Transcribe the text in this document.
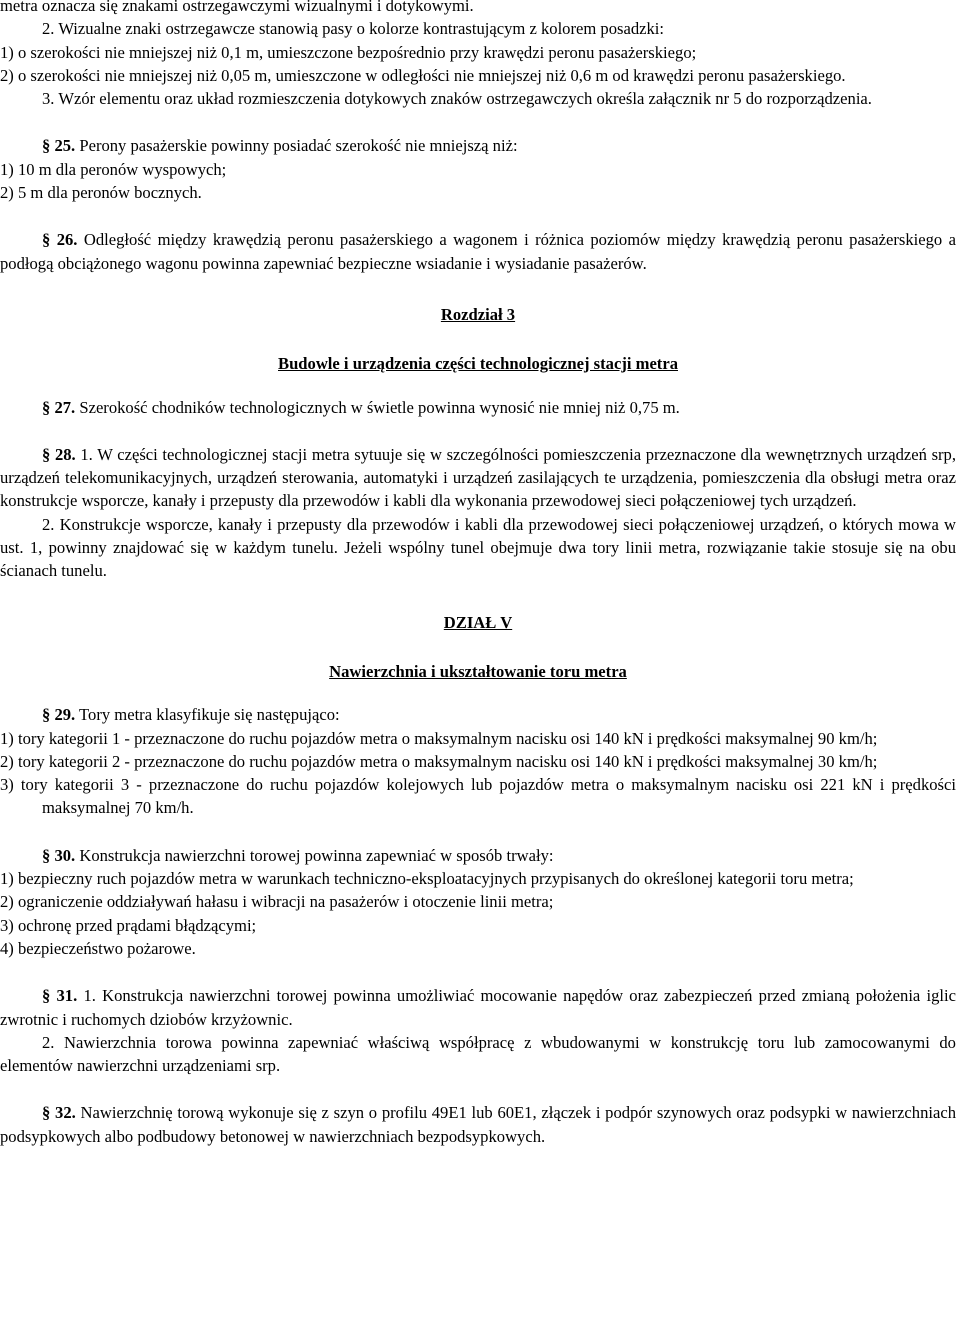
metra oznacza się znakami ostrzegawczymi wizualnymi i dotykowymi.

2. Wizualne znaki ostrzegawcze stanowią pasy o kolorze kontrastującym z kolorem posadzki:

1) o szerokości nie mniejszej niż 0,1 m, umieszczone bezpośrednio przy krawędzi peronu pasażerskiego;

2) o szerokości nie mniejszej niż 0,05 m, umieszczone w odległości nie mniejszej niż 0,6 m od krawędzi peronu pasażerskiego.

3. Wzór elementu oraz układ rozmieszczenia dotykowych znaków ostrzegawczych określa załącznik nr 5 do rozporządzenia.

§ 25. Perony pasażerskie powinny posiadać szerokość nie mniejszą niż:

1) 10 m dla peronów wyspowych;

2) 5 m dla peronów bocznych.

§ 26. Odległość między krawędzią peronu pasażerskiego a wagonem i różnica poziomów między krawędzią peronu pasażerskiego a podłogą obciążonego wagonu powinna zapewniać bezpieczne wsiadanie i wysiadanie pasażerów.

Rozdział 3

Budowle i urządzenia części technologicznej stacji metra

§ 27. Szerokość chodników technologicznych w świetle powinna wynosić nie mniej niż 0,75 m.

§ 28. 1. W części technologicznej stacji metra sytuuje się w szczególności pomieszczenia przeznaczone dla wewnętrznych urządzeń srp, urządzeń telekomunikacyjnych, urządzeń sterowania, automatyki i urządzeń zasilających te urządzenia, pomieszczenia dla obsługi metra oraz konstrukcje wsporcze, kanały i przepusty dla przewodów i kabli dla wykonania przewodowej sieci połączeniowej tych urządzeń.

2. Konstrukcje wsporcze, kanały i przepusty dla przewodów i kabli dla przewodowej sieci połączeniowej urządzeń, o których mowa w ust. 1, powinny znajdować się w każdym tunelu. Jeżeli wspólny tunel obejmuje dwa tory linii metra, rozwiązanie takie stosuje się na obu ścianach tunelu.

DZIAŁ V

Nawierzchnia i ukształtowanie toru metra

§ 29. Tory metra klasyfikuje się następująco:

1) tory kategorii 1 - przeznaczone do ruchu pojazdów metra o maksymalnym nacisku osi 140 kN i prędkości maksymalnej 90 km/h;

2) tory kategorii 2 - przeznaczone do ruchu pojazdów metra o maksymalnym nacisku osi 140 kN i prędkości maksymalnej 30 km/h;

3) tory kategorii 3 - przeznaczone do ruchu pojazdów kolejowych lub pojazdów metra o maksymalnym nacisku osi 221 kN i prędkości maksymalnej 70 km/h.

§ 30. Konstrukcja nawierzchni torowej powinna zapewniać w sposób trwały:

1) bezpieczny ruch pojazdów metra w warunkach techniczno-eksploatacyjnych przypisanych do określonej kategorii toru metra;

2) ograniczenie oddziaływań hałasu i wibracji na pasażerów i otoczenie linii metra;

3) ochronę przed prądami błądzącymi;

4) bezpieczeństwo pożarowe.

§ 31. 1. Konstrukcja nawierzchni torowej powinna umożliwiać mocowanie napędów oraz zabezpieczeń przed zmianą położenia iglic zwrotnic i ruchomych dziobów krzyżownic.

2. Nawierzchnia torowa powinna zapewniać właściwą współpracę z wbudowanymi w konstrukcję toru lub zamocowanymi do elementów nawierzchni urządzeniami srp.

§ 32. Nawierzchnię torową wykonuje się z szyn o profilu 49E1 lub 60E1, złączek i podpór szynowych oraz podsypki w nawierzchniach podsypkowych albo podbudowy betonowej w nawierzchniach bezpodsypkowych.
